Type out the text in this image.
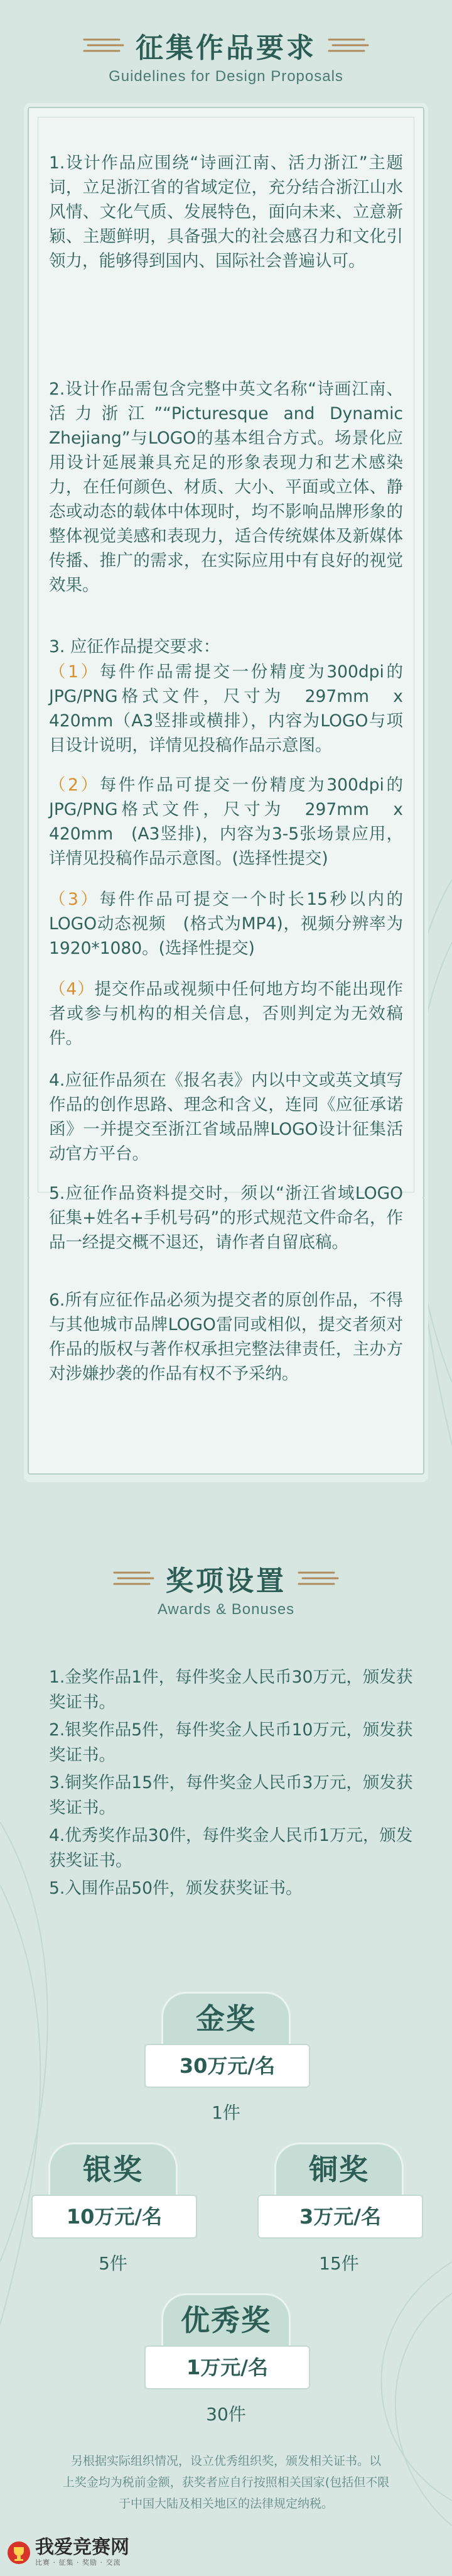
征集作品要求
Guidelines for Design Proposals
1.设计作品应围绕“诗画江南、活力浙江”主题词，立足浙江省的省域定位，充分结合浙江山水风情、文化气质、发展特色，面向未来、立意新颖、主题鲜明，具备强大的社会感召力和文化引领力，能够得到国内、国际社会普遍认可。
2.设计作品需包含完整中英文名称“诗画江南、活力浙江”“Picturesque and Dynamic Zhejiang”与LOGO的基本组合方式。场景化应用设计延展兼具充足的形象表现力和艺术感染力，在任何颜色、材质、大小、平面或立体、静态或动态的载体中体现时，均不影响品牌形象的整体视觉美感和表现力，适合传统媒体及新媒体传播、推广的需求，在实际应用中有良好的视觉效果。
3. 应征作品提交要求：
（1）每件作品需提交一份精度为300dpi的JPG/PNG格式文件，尺寸为　297mm　x　420mm（A3竖排或横排），内容为LOGO与项目设计说明，详情见投稿作品示意图。
（2）每件作品可提交一份精度为300dpi的JPG/PNG格式文件，尺寸为　297mm　x　420mm　(A3竖排)，内容为3-5张场景应用，详情见投稿作品示意图。(选择性提交)
（3）每件作品可提交一个时长15秒以内的LOGO动态视频　(格式为MP4)，视频分辨率为1920*1080。(选择性提交)
（4）提交作品或视频中任何地方均不能出现作者或参与机构的相关信息，否则判定为无效稿件。
4.应征作品须在《报名表》内以中文或英文填写作品的创作思路、理念和含义，连同《应征承诺函》一并提交至浙江省域品牌LOGO设计征集活动官方平台。
5.应征作品资料提交时，须以“浙江省域LOGO征集+姓名+手机号码”的形式规范文件命名，作品一经提交概不退还，请作者自留底稿。
6.所有应征作品必须为提交者的原创作品，不得与其他城市品牌LOGO雷同或相似，提交者须对作品的版权与著作权承担完整法律责任，主办方对涉嫌抄袭的作品有权不予采纳。
奖项设置
Awards & Bonuses

1.金奖作品1件，每件奖金人民币30万元，颁发获奖证书。

2.银奖作品5件，每件奖金人民币10万元，颁发获奖证书。

3.铜奖作品15件，每件奖金人民币3万元，颁发获奖证书。

4.优秀奖作品30件，每件奖金人民币1万元，颁发获奖证书。

5.入围作品50件，颁发获奖证书。

金奖
30万元/名
1件
银奖
10万元/名
5件
铜奖
3万元/名
15件
优秀奖
1万元/名
30件
另根据实际组织情况，设立优秀组织奖，颁发相关证书。以
上奖金均为税前金额，获奖者应自行按照相关国家(包括但不限
于中国大陆及相关地区的法律规定纳税。
我爱竞赛网
比赛 · 征集 · 奖励 · 交流
